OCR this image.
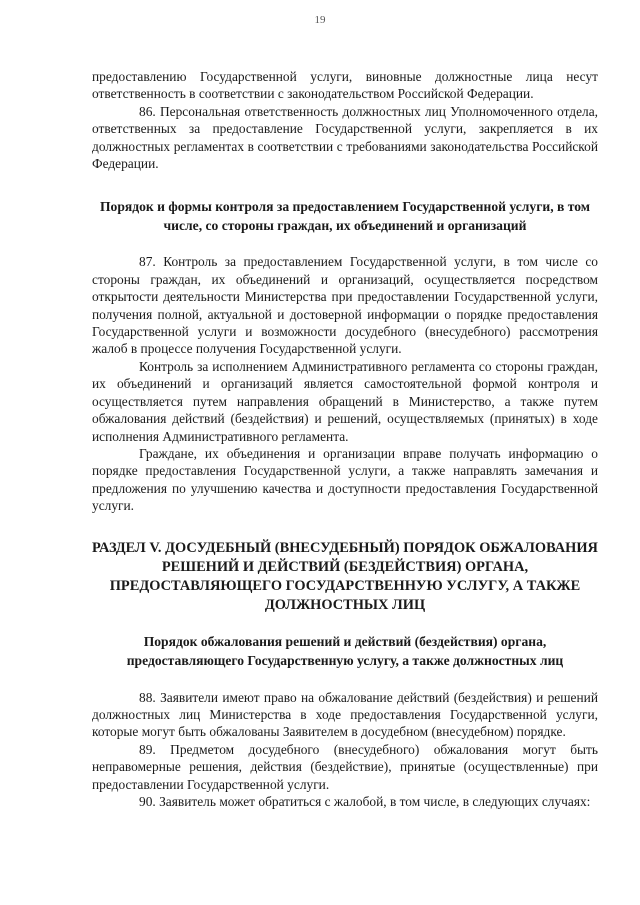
19

предоставлению Государственной услуги, виновные должностные лица несут ответственность в соответствии с законодательством Российской Федерации.

86. Персональная ответственность должностных лиц Уполномоченного отдела, ответственных за предоставление Государственной услуги, закрепляется в их должностных регламентах в соответствии с требованиями законодательства Российской Федерации.

Порядок и формы контроля за предоставлением Государственной услуги, в том числе, со стороны граждан, их объединений и организаций

87. Контроль за предоставлением Государственной услуги, в том числе со стороны граждан, их объединений и организаций, осуществляется посредством открытости деятельности Министерства при предоставлении Государственной услуги, получения полной, актуальной и достоверной информации о порядке предоставления Государственной услуги и возможности досудебного (внесудебного) рассмотрения жалоб в процессе получения Государственной услуги.

Контроль за исполнением Административного регламента со стороны граждан, их объединений и организаций является самостоятельной формой контроля и осуществляется путем направления обращений в Министерство, а также путем обжалования действий (бездействия) и решений, осуществляемых (принятых) в ходе исполнения Административного регламента.

Граждане, их объединения и организации вправе получать информацию о порядке предоставления Государственной услуги, а также направлять замечания и предложения по улучшению качества и доступности предоставления Государственной услуги.

РАЗДЕЛ V. ДОСУДЕБНЫЙ (ВНЕСУДЕБНЫЙ) ПОРЯДОК ОБЖАЛОВАНИЯ РЕШЕНИЙ И ДЕЙСТВИЙ (БЕЗДЕЙСТВИЯ) ОРГАНА, ПРЕДОСТАВЛЯЮЩЕГО ГОСУДАРСТВЕННУЮ УСЛУГУ, А ТАКЖЕ ДОЛЖНОСТНЫХ ЛИЦ
Порядок обжалования решений и действий (бездействия) органа, предоставляющего Государственную услугу, а также должностных лиц

88. Заявители имеют право на обжалование действий (бездействия) и решений должностных лиц Министерства в ходе предоставления Государственной услуги, которые могут быть обжалованы Заявителем в досудебном (внесудебном) порядке.

89. Предметом досудебного (внесудебного) обжалования могут быть неправомерные решения, действия (бездействие), принятые (осуществленные) при предоставлении Государственной услуги.

90. Заявитель может обратиться с жалобой, в том числе, в следующих случаях:
